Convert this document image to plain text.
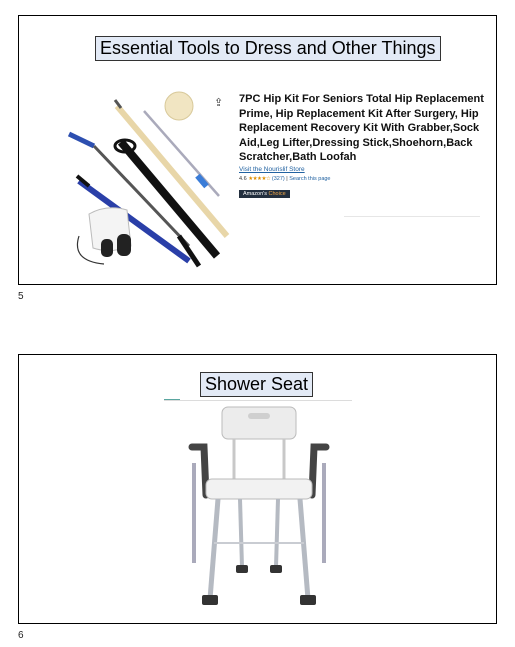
Essential Tools to Dress and Other Things
⇪ 7PC Hip Kit For Seniors Total Hip Replacement Prime, Hip Replacement Kit After Surgery, Hip Replacement Recovery Kit With Grabber,Sock Aid,Leg Lifter,Dressing Stick,Shoehorn,Back Scratcher,Bath Loofah
Visit the Nourislif Store
4.6 ★★★★☆ (327) | Search this page
Amazon's Choice
5
Shower Seat
6
